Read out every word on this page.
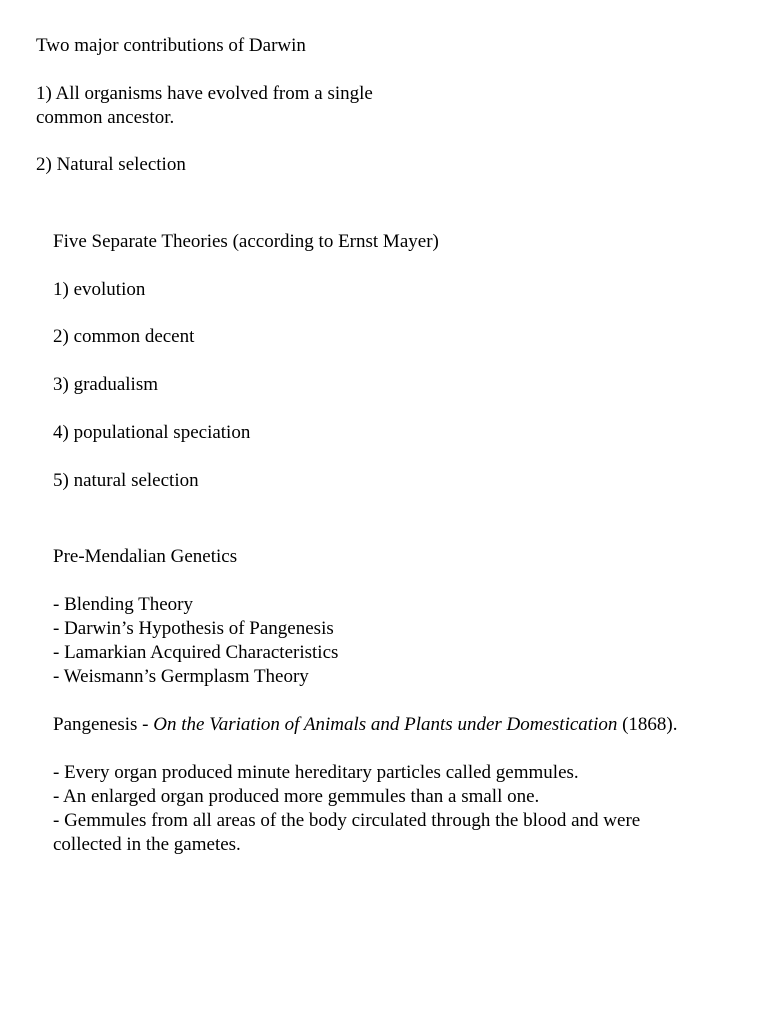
Two major contributions of Darwin
1) All organisms have evolved from a single
common ancestor.
2) Natural selection
Five Separate Theories (according to Ernst Mayer)
1) evolution
2) common decent
3) gradualism
4) populational speciation
5) natural selection
Pre-Mendalian Genetics
- Blending Theory
- Darwin’s Hypothesis of Pangenesis
- Lamarkian Acquired Characteristics
- Weismann’s Germplasm Theory
Pangenesis - On the Variation of Animals and Plants under Domestication (1868).
- Every organ produced minute hereditary particles called gemmules.
- An enlarged organ produced more gemmules than a small one.
- Gemmules from all areas of the body circulated through the blood and were
collected in the gametes.
